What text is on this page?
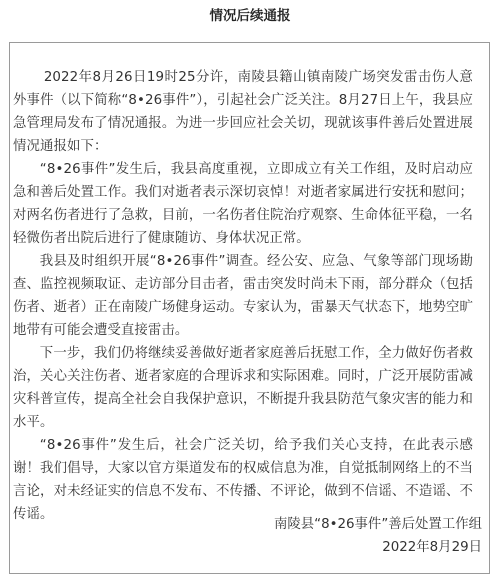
情况后续通报

2022年8月26日19时25分许，南陵县籍山镇南陵广场突发雷击伤人意外事件（以下简称“8•26事件”），引起社会广泛关注。8月27日上午，我县应急管理局发布了情况通报。为进一步回应社会关切，现就该事件善后处置进展情况通报如下：

“8•26事件”发生后，我县高度重视，立即成立有关工作组，及时启动应急和善后处置工作。我们对逝者表示深切哀悼！对逝者家属进行安抚和慰问；对两名伤者进行了急救，目前，一名伤者住院治疗观察、生命体征平稳，一名轻微伤者出院后进行了健康随访、身体状况正常。

我县及时组织开展“8•26事件”调查。经公安、应急、气象等部门现场勘查、监控视频取证、走访部分目击者，雷击突发时尚未下雨，部分群众（包括伤者、逝者）正在南陵广场健身运动。专家认为，雷暴天气状态下，地势空旷地带有可能会遭受直接雷击。

下一步，我们仍将继续妥善做好逝者家庭善后抚慰工作，全力做好伤者救治，关心关注伤者、逝者家庭的合理诉求和实际困难。同时，广泛开展防雷减灾科普宣传，提高全社会自我保护意识，不断提升我县防范气象灾害的能力和水平。

“8•26事件”发生后，社会广泛关切，给予我们关心支持，在此表示感谢！我们倡导，大家以官方渠道发布的权威信息为准，自觉抵制网络上的不当言论，对未经证实的信息不发布、不传播、不评论，做到不信谣、不造谣、不传谣。

南陵县“8•26事件”善后处置工作组
2022年8月29日
